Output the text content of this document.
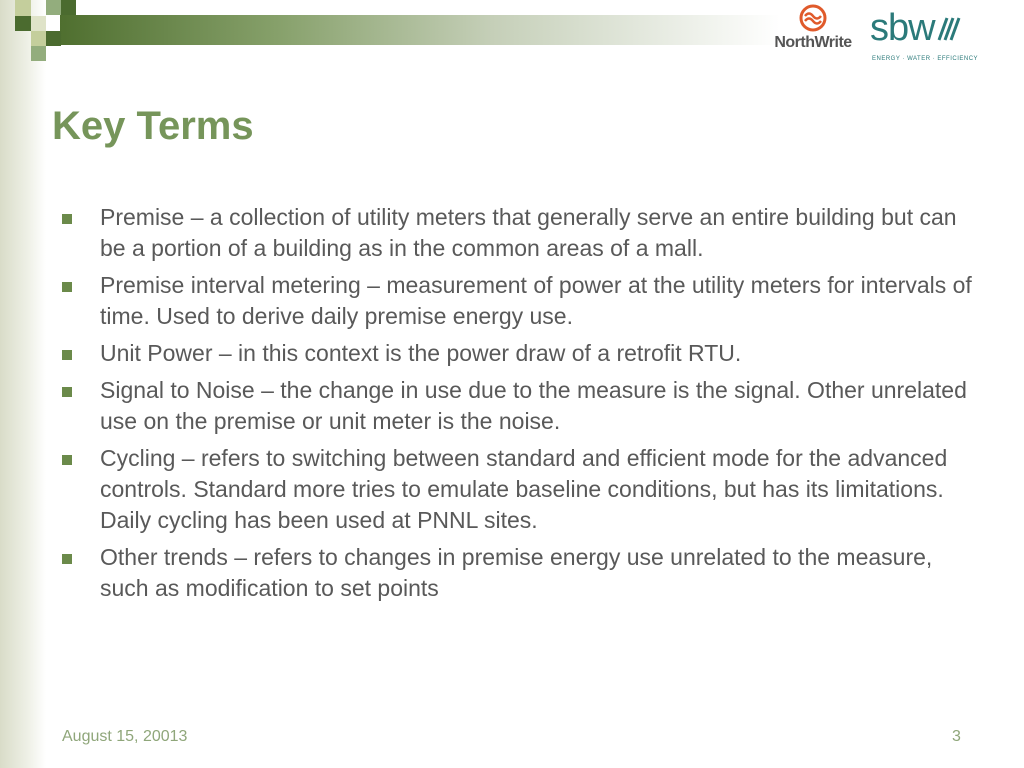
NorthWrite sbw
ENERGY · WATER · EFFICIENCY
Key Terms
Premise – a collection of utility meters that generally serve an entire building but can be a portion of a building as in the common areas of a mall.
Premise interval metering – measurement of power at the utility meters for intervals of time. Used to derive daily premise energy use.
Unit Power – in this context is the power draw of a retrofit RTU.
Signal to Noise – the change in use due to the measure is the signal. Other unrelated use on the premise or unit meter is the noise.
Cycling – refers to switching between standard and efficient mode for the advanced controls. Standard more tries to emulate baseline conditions, but has its limitations. Daily cycling has been used at PNNL sites.
Other trends – refers to changes in premise energy use unrelated to the measure, such as modification to set points
August 15, 20013	3
